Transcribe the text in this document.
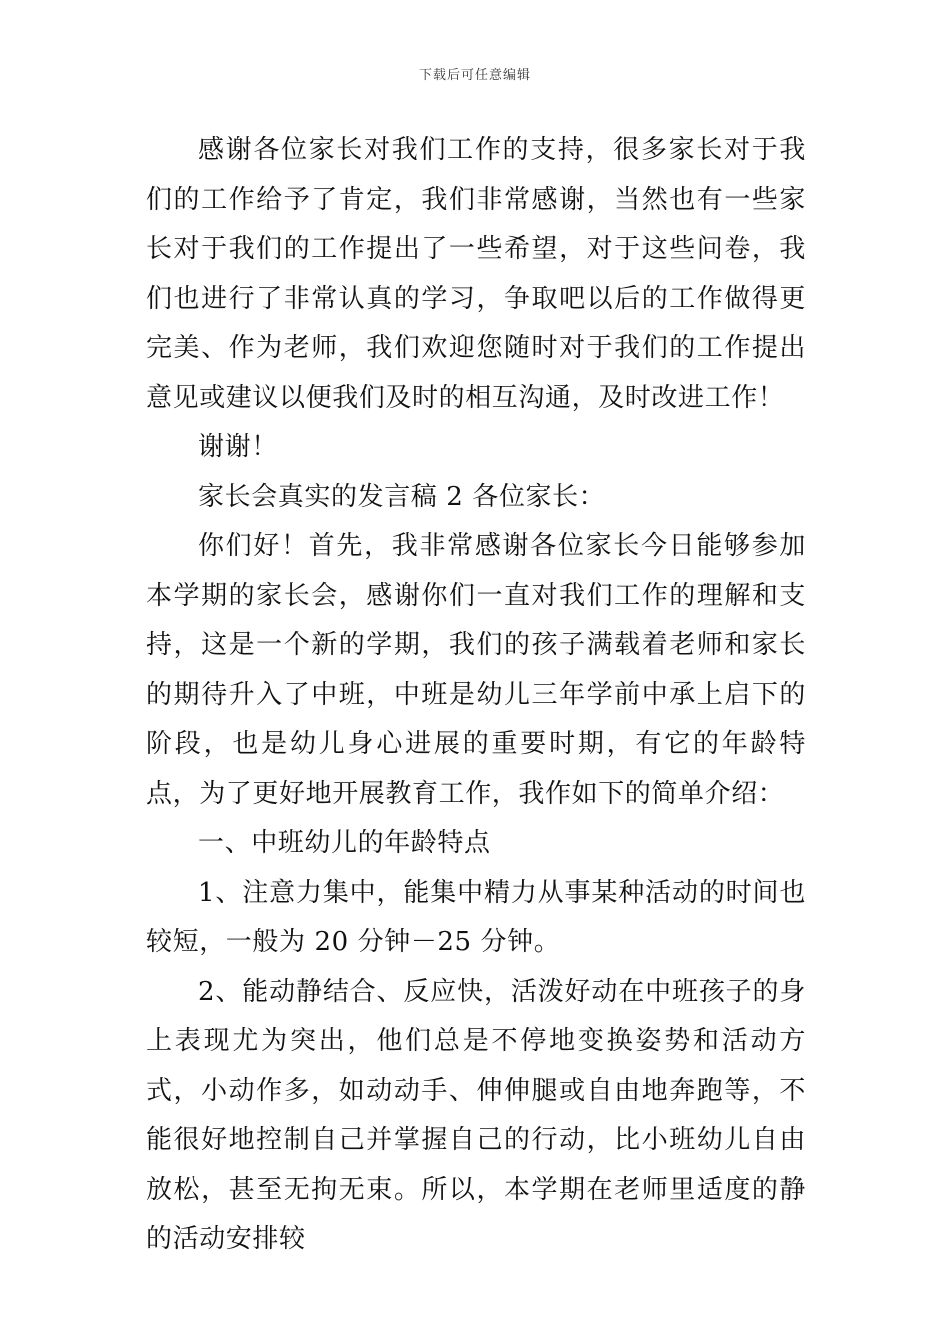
下载后可任意编辑

感谢各位家长对我们工作的支持，很多家长对于我们的工作给予了肯定，我们非常感谢，当然也有一些家长对于我们的工作提出了一些希望，对于这些问卷，我们也进行了非常认真的学习，争取吧以后的工作做得更完美、作为老师，我们欢迎您随时对于我们的工作提出意见或建议以便我们及时的相互沟通，及时改进工作！

谢谢！

家长会真实的发言稿 2 各位家长：

你们好！首先，我非常感谢各位家长今日能够参加本学期的家长会，感谢你们一直对我们工作的理解和支持，这是一个新的学期，我们的孩子满载着老师和家长的期待升入了中班，中班是幼儿三年学前中承上启下的阶段，也是幼儿身心进展的重要时期，有它的年龄特点，为了更好地开展教育工作，我作如下的简单介绍：

一、中班幼儿的年龄特点

1、注意力集中，能集中精力从事某种活动的时间也较短，一般为 20 分钟－25 分钟。

2、能动静结合、反应快，活泼好动在中班孩子的身上表现尤为突出，他们总是不停地变换姿势和活动方式，小动作多，如动动手、伸伸腿或自由地奔跑等，不能很好地控制自己并掌握自己的行动，比小班幼儿自由放松，甚至无拘无束。所以，本学期在老师里适度的静的活动安排较
